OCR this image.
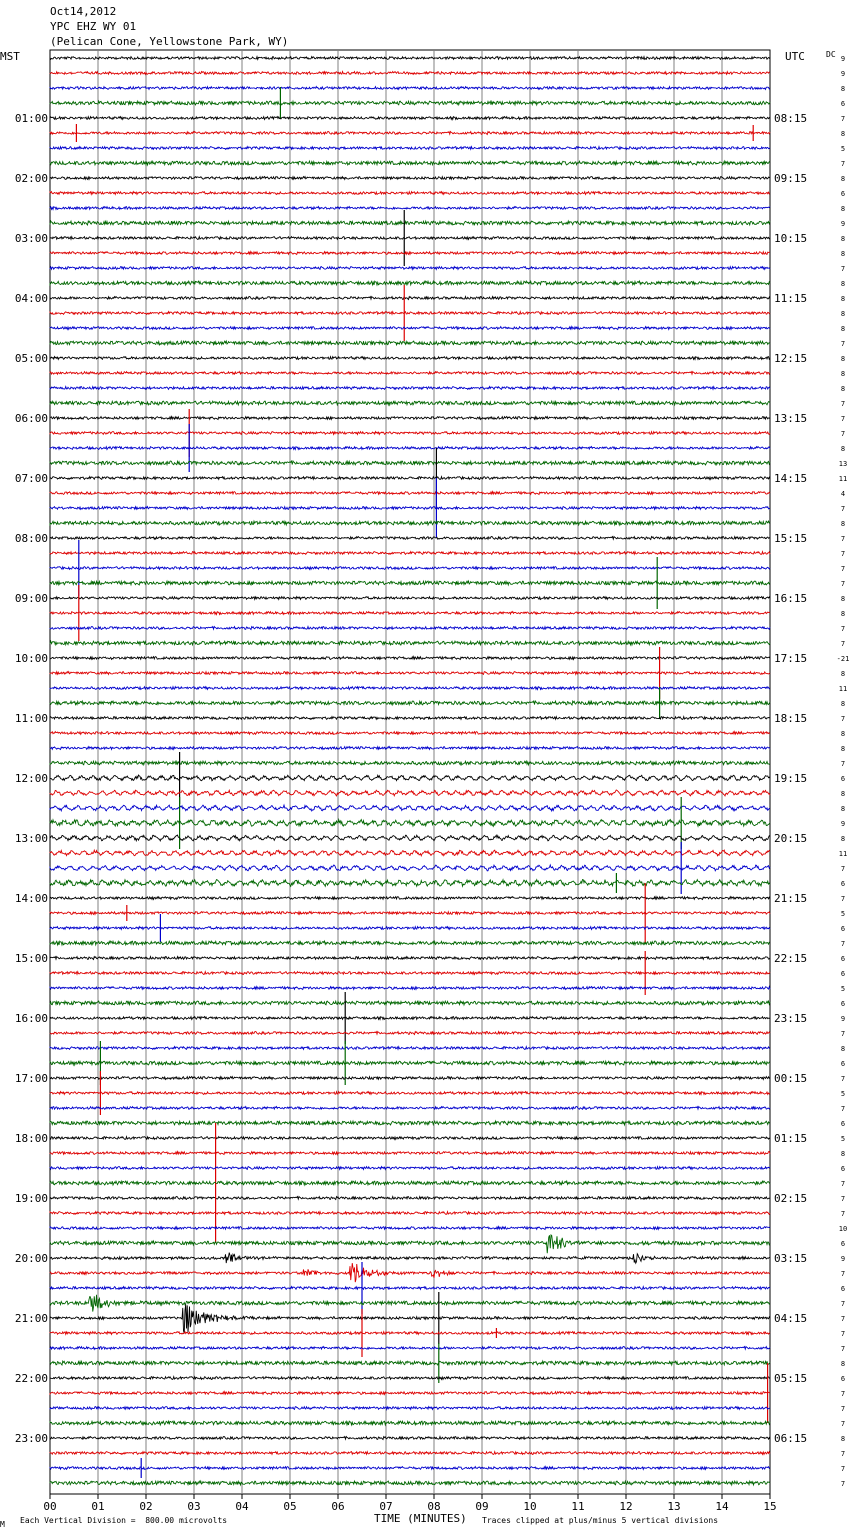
Oct14,2012
YPC EHZ WY 01
(Pelican Cone, Yellowstone Park, WY)
MST	UTC	DC
00	01	02	03	04	05	06	07	08	09	10	11	12	13	14	15
9
9
8
6
7
8
5
7
8
6
8
9
8
8
7
8
8
8
8
7
8
8
8
7
7
7
8
13
11
4
7
8
7
7
7
7
8
8
7
7
-21
8
11
8
7
8
8
7
6
8
8
9
8
11
7
6
7
5
6
7
6
6
5
6
9
7
8
6
7
5
7
6
5
8
6
7
7
7
10
6
9
7
6
7
7
7
7
8
6
7
7
7
8
7
7
7
01:00
02:00
03:00
04:00
05:00
06:00
07:00
08:00
09:00
10:00
11:00
12:00
13:00
14:00
15:00
16:00
17:00
18:00
19:00
20:00
21:00
22:00
23:00
08:15
09:15
10:15
11:15
12:15
13:15
14:15
15:15
16:15
17:15
18:15
19:15
20:15
21:15
22:15
23:15
00:15
01:15
02:15
03:15
04:15
05:15
06:15
M Each Vertical Division =  800.00 microvolts	TIME (MINUTES) Traces clipped at plus/minus 5 vertical divisions
